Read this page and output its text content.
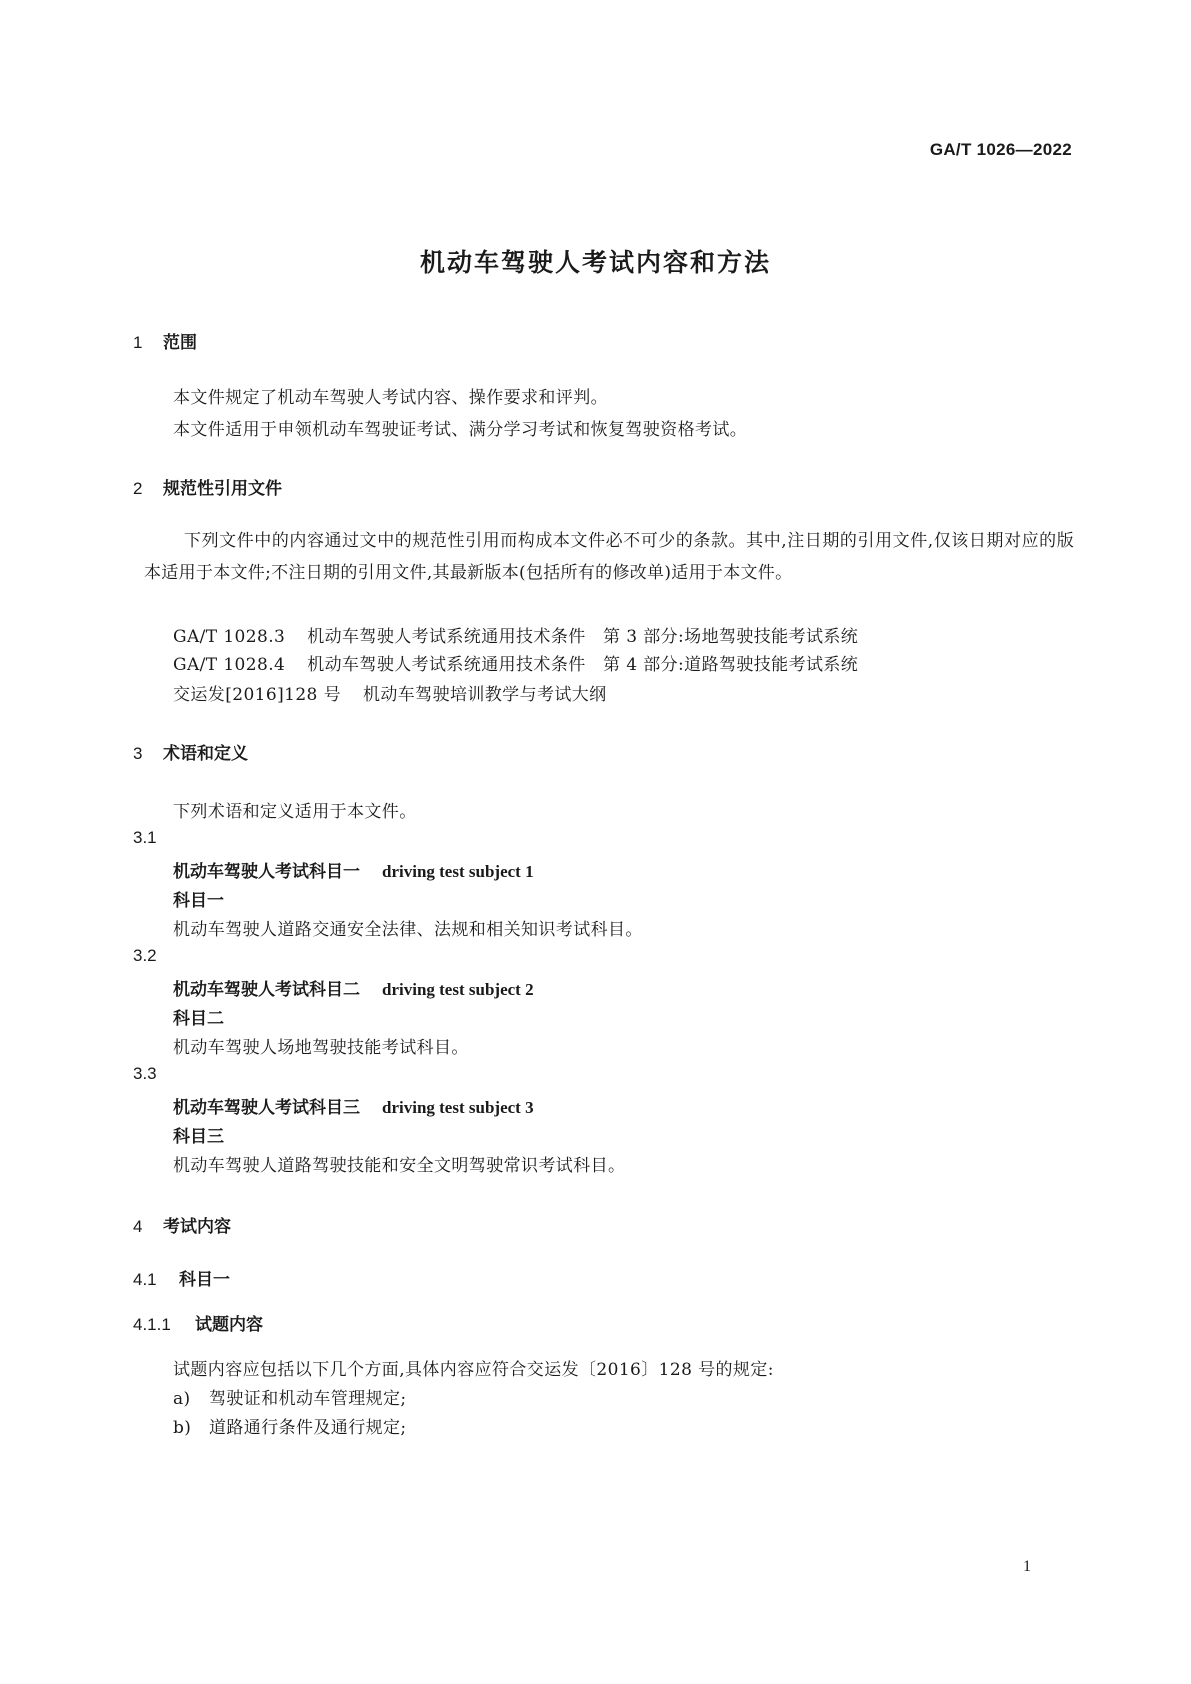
GA/T 1026—2022
机动车驾驶人考试内容和方法
1 范围
本文件规定了机动车驾驶人考试内容、操作要求和评判。
本文件适用于申领机动车驾驶证考试、满分学习考试和恢复驾驶资格考试。
2 规范性引用文件
下列文件中的内容通过文中的规范性引用而构成本文件必不可少的条款。其中,注日期的引用文件,仅该日期对应的版本适用于本文件;不注日期的引用文件,其最新版本(包括所有的修改单)适用于本文件。
GA/T 1028.3 机动车驾驶人考试系统通用技术条件　第 3 部分:场地驾驶技能考试系统
GA/T 1028.4 机动车驾驶人考试系统通用技术条件　第 4 部分:道路驾驶技能考试系统
交运发[2016]128 号 机动车驾驶培训教学与考试大纲
3 术语和定义
下列术语和定义适用于本文件。
3.1
机动车驾驶人考试科目一 driving test subject 1
科目一
机动车驾驶人道路交通安全法律、法规和相关知识考试科目。
3.2
机动车驾驶人考试科目二 driving test subject 2
科目二
机动车驾驶人场地驾驶技能考试科目。
3.3
机动车驾驶人考试科目三 driving test subject 3
科目三
机动车驾驶人道路驾驶技能和安全文明驾驶常识考试科目。
4 考试内容
4.1 科目一
4.1.1 试题内容
试题内容应包括以下几个方面,具体内容应符合交运发〔2016〕128 号的规定:
a) 驾驶证和机动车管理规定;
b) 道路通行条件及通行规定;
1
